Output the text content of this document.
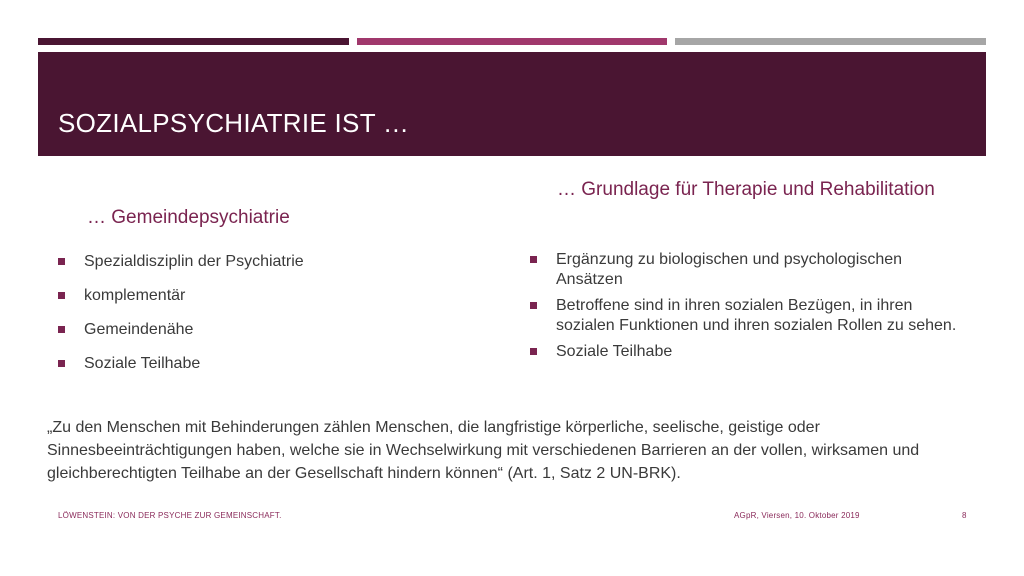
SOZIALPSYCHIATRIE IST …
… Gemeindepsychiatrie
… Grundlage für Therapie und Rehabilitation
Spezialdisziplin der Psychiatrie
komplementär
Gemeindenähe
Soziale Teilhabe
Ergänzung zu biologischen und psychologischen Ansätzen
Betroffene sind in ihren sozialen Bezügen, in ihren sozialen Funktionen und ihren sozialen Rollen zu sehen.
Soziale Teilhabe

„Zu den Menschen mit Behinderungen zählen Menschen, die langfristige körperliche, seelische, geistige oder Sinnesbeeinträchtigungen haben, welche sie in Wechselwirkung mit verschiedenen Barrieren an der vollen, wirksamen und gleichberechtigten Teilhabe an der Gesellschaft hindern können“ (Art. 1, Satz 2 UN-BRK).

LÖWENSTEIN: VON DER PSYCHE ZUR GEMEINSCHAFT.	AGpR, Viersen, 10. Oktober 2019	8
